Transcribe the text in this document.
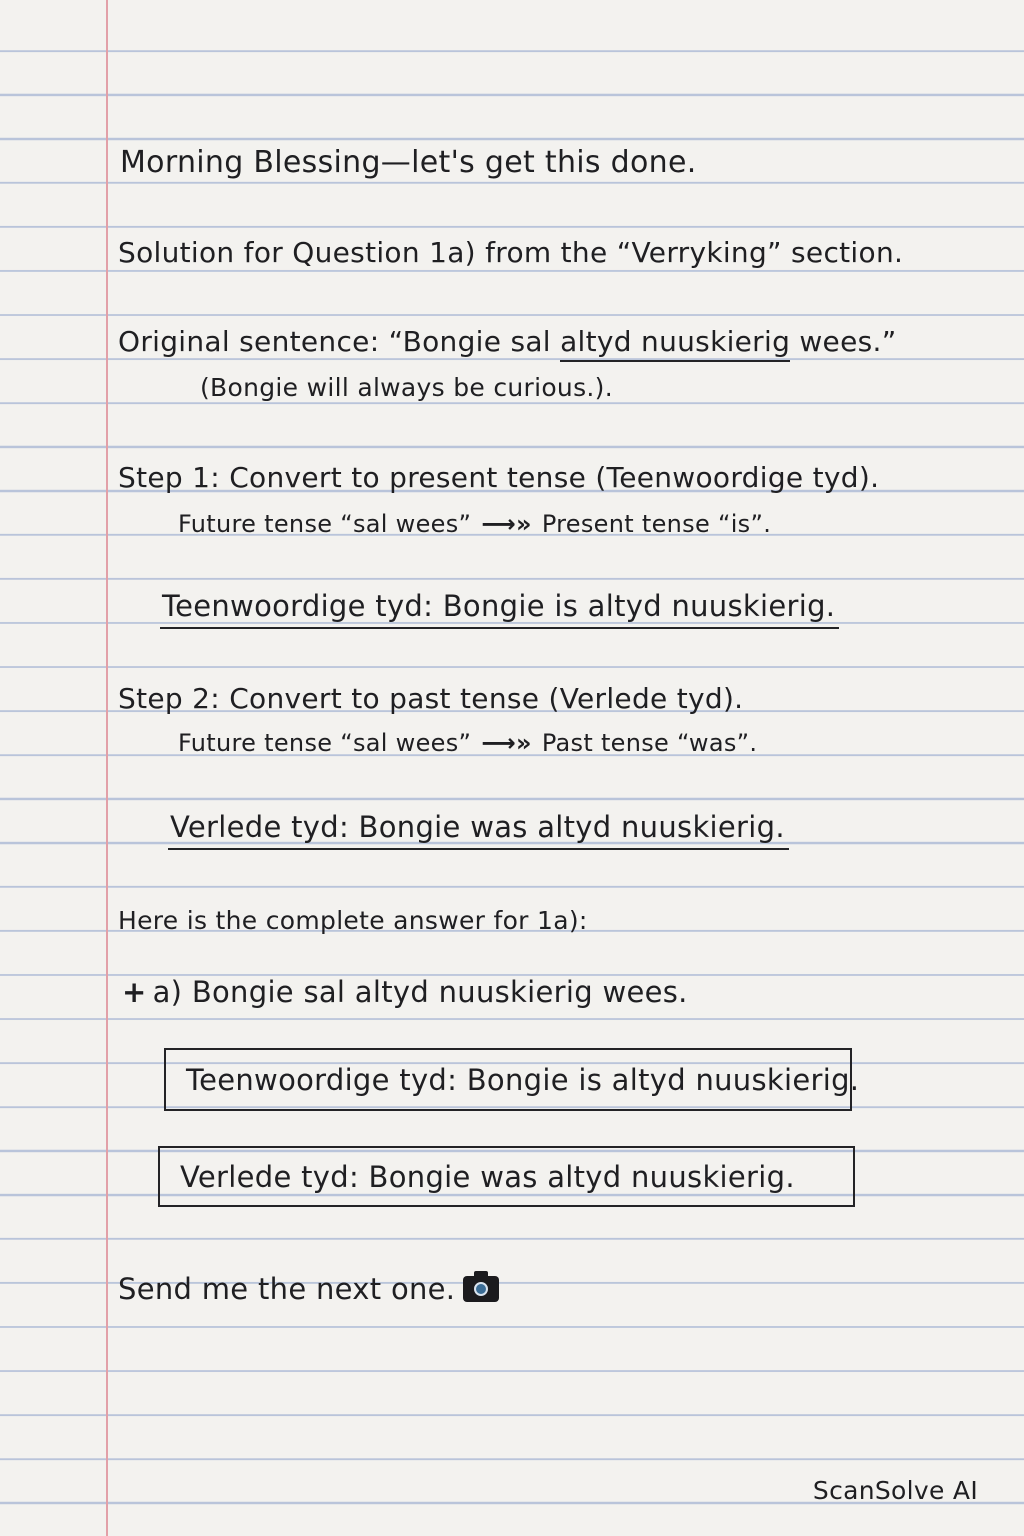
Morning Blessing—let's get this done.
Solution for Question 1a) from the “Verryking” section.
Original sentence: “Bongie sal altyd nuuskierig wees.”
(Bongie will always be curious.).
Step 1: Convert to present tense (Teenwoordige tyd).
Future tense “sal wees” ⟶» Present tense “is”.
Teenwoordige tyd: Bongie is altyd nuuskierig.
Step 2: Convert to past tense (Verlede tyd).
Future tense “sal wees” ⟶» Past tense “was”.
Verlede tyd: Bongie was altyd nuuskierig.
Here is the complete answer for 1a):
+ a) Bongie sal altyd nuuskierig wees.
Teenwoordige tyd: Bongie is altyd nuuskierig.
Verlede tyd: Bongie was altyd nuuskierig.
Send me the next one.
ScanSolve AI
